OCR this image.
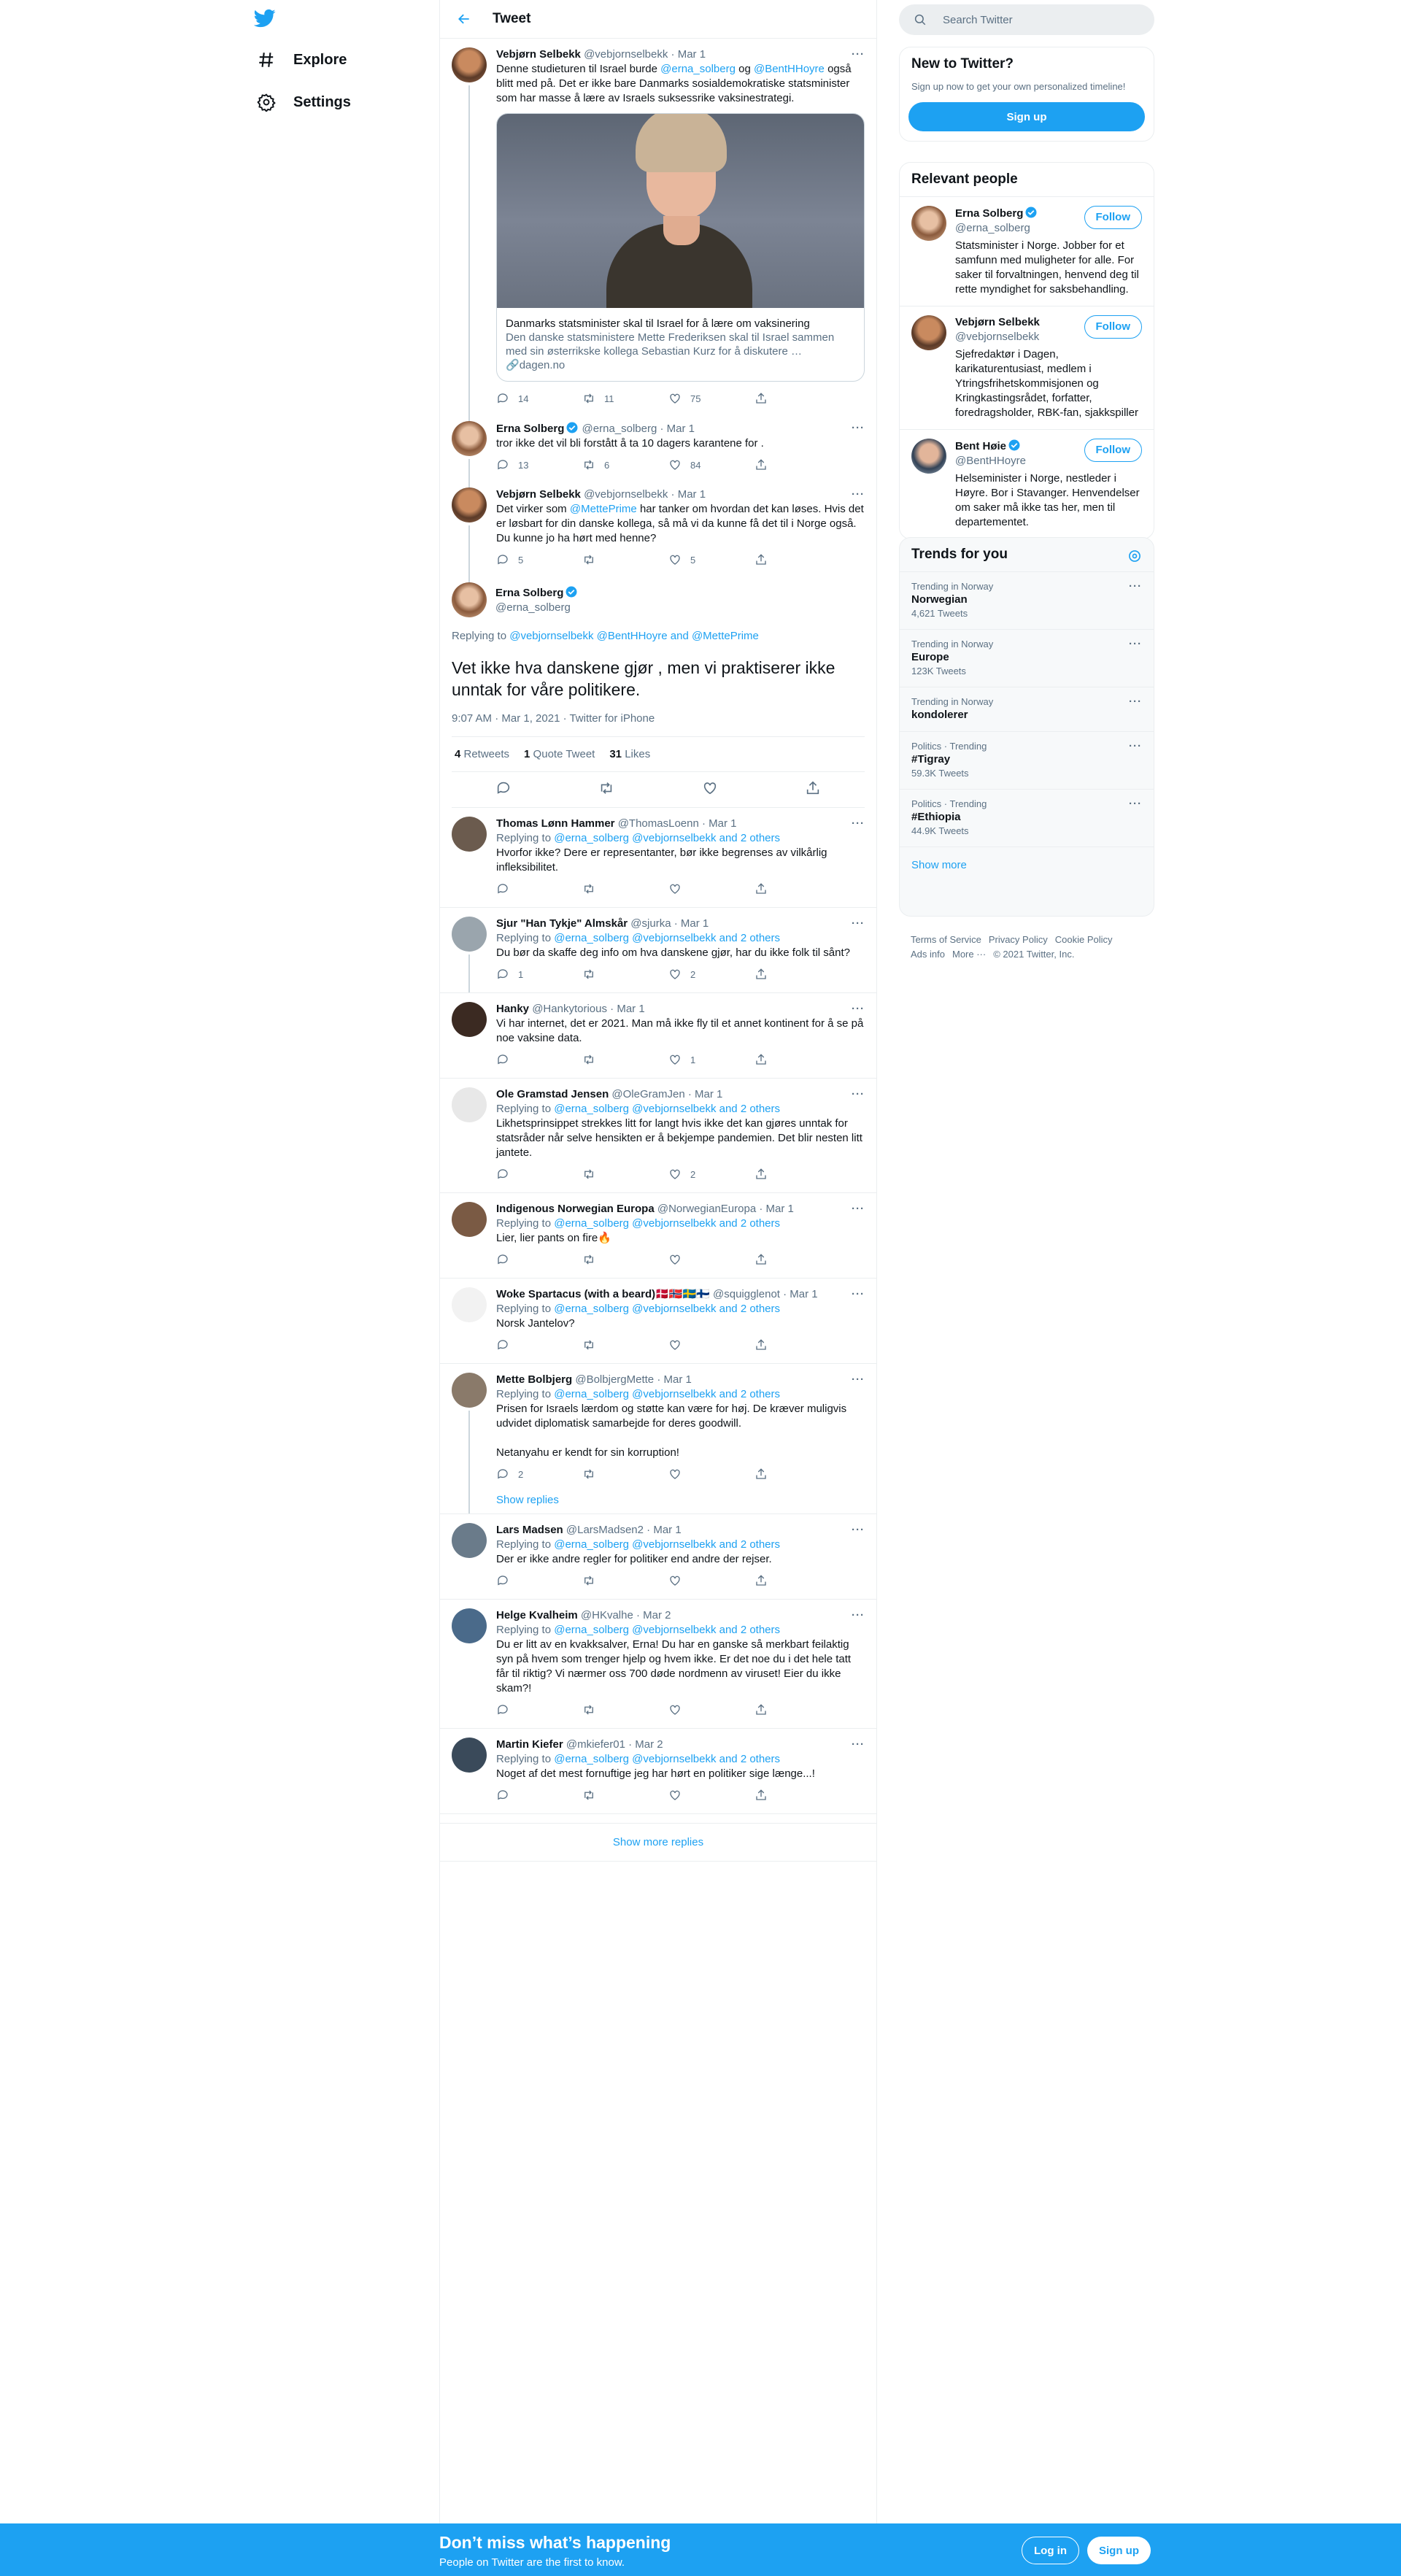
Explore
Settings
Tweet
Vebjørn Selbekk @vebjornselbekk · Mar 1	···
Denne studieturen til Israel burde @erna_solberg og @BentHHoyre også blitt med på. Det er ikke bare Danmarks sosialdemokratiske statsminister som har masse å lære av Israels suksessrike vaksinestrategi.
Danmarks statsminister skal til Israel for å lære om vaksinering
Den danske statsministere Mette Frederiksen skal til Israel sammen med sin østerrikske kollega Sebastian Kurz for å diskutere …
🔗dagen.no
14	11	75
Erna Solberg @erna_solberg · Mar 1	···
tror ikke det vil bli forstått å ta 10 dagers karantene for .
13	6	84
Vebjørn Selbekk @vebjornselbekk · Mar 1	···
Det virker som @MettePrime har tanker om hvordan det kan løses. Hvis det er løsbart for din danske kollega, så må vi da kunne få det til i Norge også. Du kunne jo ha hørt med henne?
5	5
Erna Solberg
@erna_solberg
Replying to @vebjornselbekk @BentHHoyre and @MettePrime
Vet ikke hva danskene gjør , men vi praktiserer ikke unntak for våre politikere.
9:07 AM · Mar 1, 2021 · Twitter for iPhone
4 Retweets 1 Quote Tweet 31 Likes
Thomas Lønn Hammer @ThomasLoenn · Mar 1	···
Replying to @erna_solberg @vebjornselbekk and 2 others
Hvorfor ikke? Dere er representanter, bør ikke begrenses av vilkårlig infleksibilitet.
Sjur "Han Tykje" Almskår @sjurka · Mar 1	···
Replying to @erna_solberg @vebjornselbekk and 2 others
Du bør da skaffe deg info om hva danskene gjør, har du ikke folk til sånt?
1	2
Hanky @Hankytorious · Mar 1	···
Vi har internet, det er 2021. Man må ikke fly til et annet kontinent for å se på noe vaksine data.
1
Ole Gramstad Jensen @OleGramJen · Mar 1	···
Replying to @erna_solberg @vebjornselbekk and 2 others
Likhetsprinsippet strekkes litt for langt hvis ikke det kan gjøres unntak for statsråder når selve hensikten er å bekjempe pandemien. Det blir nesten litt jantete.
2
Indigenous Norwegian Europa @NorwegianEuropa · Mar 1	···
Replying to @erna_solberg @vebjornselbekk and 2 others
Lier, lier pants on fire🔥
Woke Spartacus (with a beard)🇩🇰🇳🇴🇸🇪🇫🇮 @squigglenot · Mar 1	···
Replying to @erna_solberg @vebjornselbekk and 2 others
Norsk Jantelov?
Mette Bolbjerg @BolbjergMette · Mar 1	···
Replying to @erna_solberg @vebjornselbekk and 2 others
Prisen for Israels lærdom og støtte kan være for høj. De kræver muligvis udvidet diplomatisk samarbejde for deres goodwill.

Netanyahu er kendt for sin korruption!
2
Show replies
Lars Madsen @LarsMadsen2 · Mar 1	···
Replying to @erna_solberg @vebjornselbekk and 2 others
Der er ikke andre regler for politiker end andre der rejser.
Helge Kvalheim @HKvalhe · Mar 2	···
Replying to @erna_solberg @vebjornselbekk and 2 others
Du er litt av en kvakksalver, Erna! Du har en ganske så merkbart feilaktig syn på hvem som trenger hjelp og hvem ikke. Er det noe du i det hele tatt får til riktig? Vi nærmer oss 700 døde nordmenn av viruset! Eier du ikke skam?!
Martin Kiefer @mkiefer01 · Mar 2	···
Replying to @erna_solberg @vebjornselbekk and 2 others
Noget af det mest fornuftige jeg har hørt en politiker sige længe...!
Show more replies
Search Twitter
New to Twitter?
Sign up now to get your own personalized timeline!
Sign up
Relevant people
Erna Solberg
@erna_solberg
Follow
Statsminister i Norge. Jobber for et samfunn med muligheter for alle. For saker til forvaltningen, henvend deg til rette myndighet for saksbehandling.
Vebjørn Selbekk
@vebjornselbekk
Follow
Sjefredaktør i Dagen, karikaturentusiast, medlem i Ytringsfrihetskommisjonen og Kringkastingsrådet, forfatter, foredragsholder, RBK-fan, sjakkspiller
Bent Høie
@BentHHoyre
Follow
Helseminister i Norge, nestleder i Høyre. Bor i Stavanger. Henvendelser om saker må ikke tas her, men til departementet.
Trends for you
Trending in Norway
Norwegian
4,621 Tweets
···
Trending in Norway
Europe
123K Tweets
···
Trending in Norway
kondolerer
···
Politics · Trending
#Tigray
59.3K Tweets
···
Politics · Trending
#Ethiopia
44.9K Tweets
···
Show more
Terms of Service Privacy Policy Cookie Policy
Ads info More ··· © 2021 Twitter, Inc.
Don’t miss what’s happening
People on Twitter are the first to know.
Log in	Sign up
